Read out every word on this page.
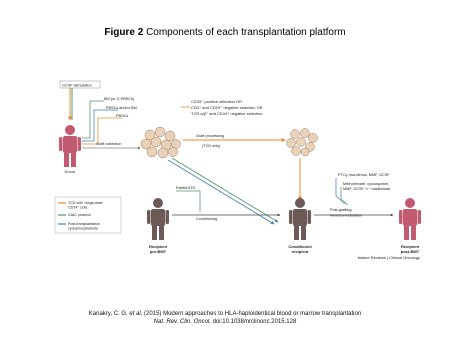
Figure 2 Components of each transplantation platform
Donor
GCSF stimulation
BM (or G-PBSCs)
PBSCs and/or BM
PBSCs
Graft collection
CD34⁺ positive selection OR
CD3⁺ and CD19⁺ negative selection OR
TCR α/β⁺ and CD19⁺ negative selection
Graft processing
(TCD only)
Recipient
pre-BMT
Rabbit ATG
Conditioning
Conditioned
recipient
Post-grafting
immunomodulation
PTCy, tacrolimus, MMF, GCSF
Methotrexate, cyclosporine,
MMF, GCSF +/− basiliximab
Recipient
post-BMT
TCD with ‘mega-dose’
CD34⁺ cells
GIAC protocol
Post-transplantation
cyclophosphamide
Nature Reviews | Clinical Oncology
Kanakry, C. G. et al. (2015) Modern approaches to HLA-haploidentical blood or marrow transplantation
Nat. Rev. Clin. Oncol. doi:10.1038/nrclinonc.2015.128
